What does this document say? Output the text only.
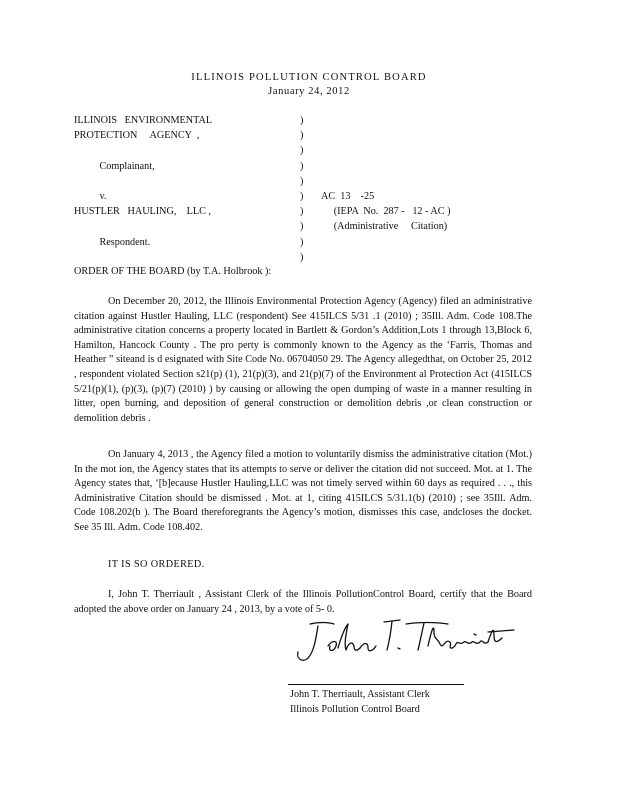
ILLINOIS POLLUTION CONTROL BOARD
January 24, 2012
ILLINOIS   ENVIRONMENTAL
PROTECTION     AGENCY  ,
Complainant,
v.
HUSTLER   HAULING,    LLC ,
Respondent.
)
)
)
)
)
)
)
)
)
)
AC  13    -25
(IEPA  No.  287 -   12 - AC )
(Administrative     Citation)
ORDER OF THE BOARD (by T.A. Holbrook ):

On December 20, 2012, the Illinois Environmental Protection Agency (Agency) filed an administrative citation against Hustler Hauling, LLC (respondent) See 415ILCS 5/31 .1 (2010) ; 35Ill. Adm. Code 108.The administrative citation concerns a property located in Bartlett & Gordon’s Addition,Lots 1 through 13,Block 6, Hamilton, Hancock County . The pro perty is commonly known to the Agency as the ‘Farris, Thomas and Heather ” siteand is d esignated with Site Code No. 06704050 29. The Agency allegedthat, on October 25, 2012 , respondent violated Section s21(p) (1), 21(p)(3), and 21(p)(7) of the Environment al Protection Act (415ILCS 5/21(p)(1), (p)(3), (p)(7) (2010) ) by causing or allowing the open dumping of waste in a manner resulting in litter, open burning, and deposition of general construction or demolition debris ,or clean construction or demolition debris .

On January 4, 2013 , the Agency filed a motion to voluntarily dismiss the administrative citation (Mot.) In the mot ion, the Agency states that its attempts to serve or deliver the citation did not succeed. Mot. at 1. The Agency states that, ‘[b]ecause Hustler Hauling,LLC was not timely served within 60 days as required . . ., this Administrative Citation should be dismissed . Mot. at 1, citing 415ILCS 5/31.1(b) (2010) ; see 35Ill. Adm. Code 108.202(b ). The Board thereforegrants the Agency’s motion, dismisses this case, andcloses the docket. See 35 Ill. Adm. Code 108.402.

IT IS SO ORDERED.

I, John T. Therriault , Assistant Clerk of the Illinois PollutionControl Board, certify that the Board adopted the above order on January 24 , 2013, by a vote of 5- 0.

John T. Therriault, Assistant Clerk
Illinois Pollution Control Board
